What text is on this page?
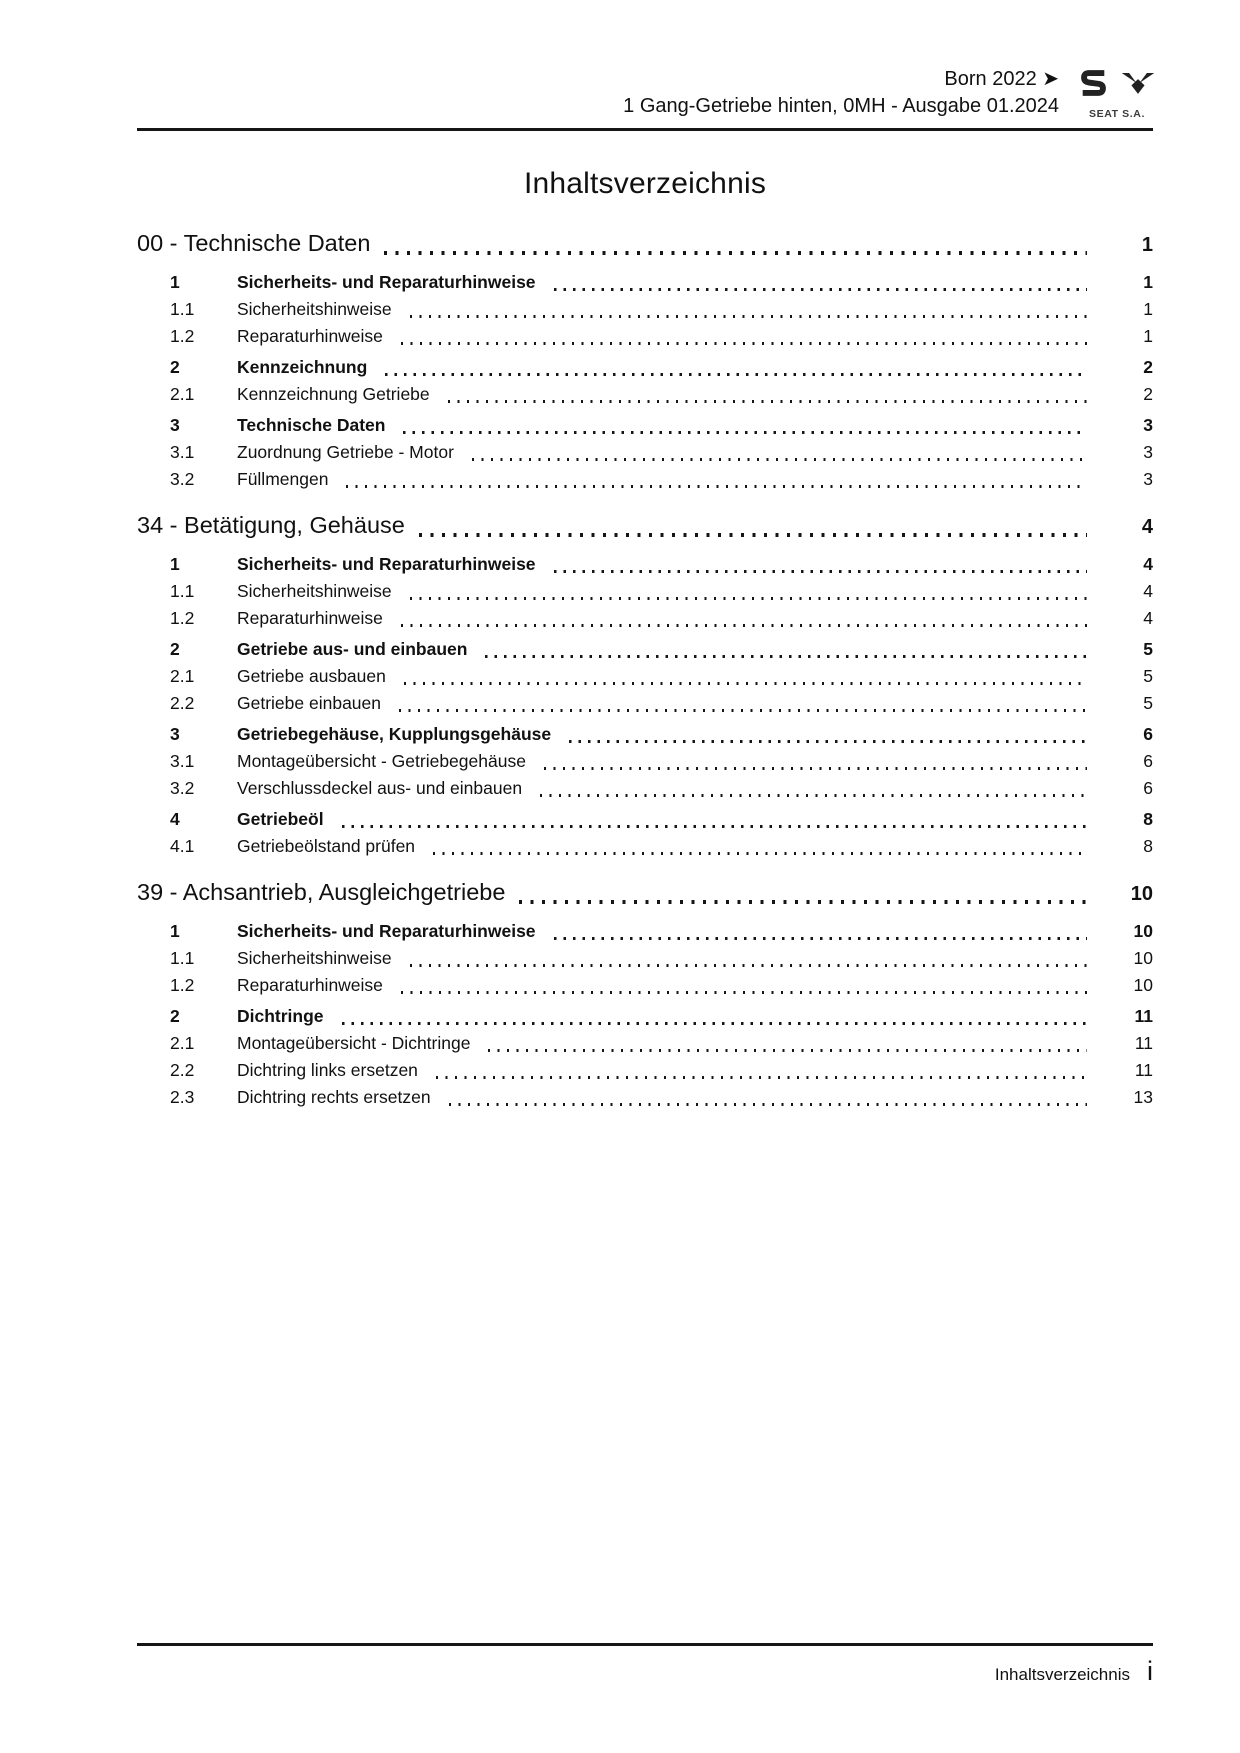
Born 2022 ➤
1 Gang-Getriebe hinten, 0MH - Ausgabe 01.2024	SEAT S.A.
Inhaltsverzeichnis
00 - Technische Daten	1
1	Sicherheits- und Reparaturhinweise	1
1.1	Sicherheitshinweise	1
1.2	Reparaturhinweise	1
2	Kennzeichnung	2
2.1	Kennzeichnung Getriebe	2
3	Technische Daten	3
3.1	Zuordnung Getriebe - Motor	3
3.2	Füllmengen	3
34 - Betätigung, Gehäuse	4
1	Sicherheits- und Reparaturhinweise	4
1.1	Sicherheitshinweise	4
1.2	Reparaturhinweise	4
2	Getriebe aus- und einbauen	5
2.1	Getriebe ausbauen	5
2.2	Getriebe einbauen	5
3	Getriebegehäuse, Kupplungsgehäuse	6
3.1	Montageübersicht - Getriebegehäuse	6
3.2	Verschlussdeckel aus- und einbauen	6
4	Getriebeöl	8
4.1	Getriebeölstand prüfen	8
39 - Achsantrieb, Ausgleichgetriebe	10
1	Sicherheits- und Reparaturhinweise	10
1.1	Sicherheitshinweise	10
1.2	Reparaturhinweise	10
2	Dichtringe	11
2.1	Montageübersicht - Dichtringe	11
2.2	Dichtring links ersetzen	11
2.3	Dichtring rechts ersetzen	13
Inhaltsverzeichnis i
